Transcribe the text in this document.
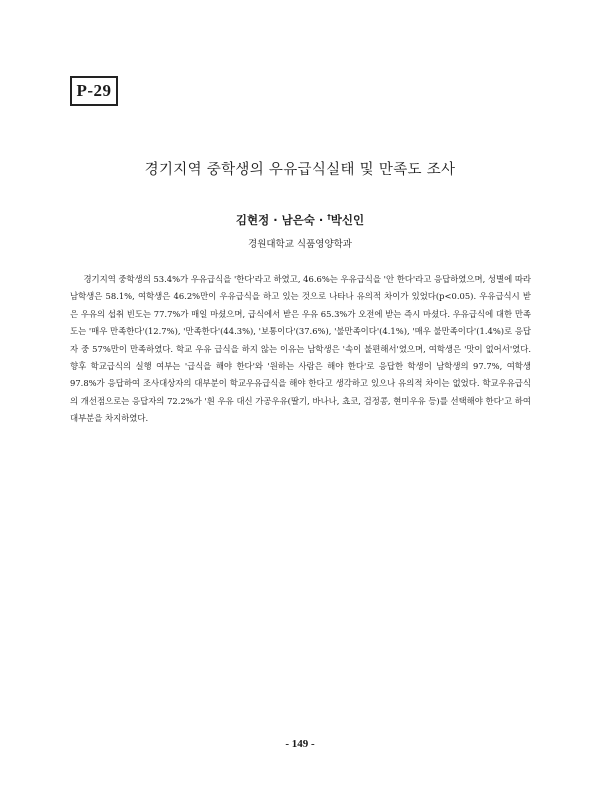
P-29
경기지역 중학생의 우유급식실태 및 만족도 조사
김현정 · 남은숙 · †박신인
경원대학교 식품영양학과

경기지역 중학생의 53.4%가 우유급식을 '한다'라고 하였고, 46.6%는 우유급식을 '안 한다'라고 응답하였으며, 성별에 따라 남학생은 58.1%, 여학생은 46.2%만이 우유급식을 하고 있는 것으로 나타나 유의적 차이가 있었다(p<0.05). 우유급식시 받은 우유의 섭취 빈도는 77.7%가 매일 마셨으며, 급식에서 받은 우유 65.3%가 오전에 받는 즉시 마셨다. 우유급식에 대한 만족도는 '매우 만족한다'(12.7%), '만족한다'(44.3%), '보통이다'(37.6%), '불만족이다'(4.1%), '매우 불만족이다'(1.4%)로 응답자 중 57%만이 만족하였다. 학교 우유 급식을 하지 않는 이유는 남학생은 '속이 불편해서'였으며, 여학생은 '맛이 없어서'였다. 향후 학교급식의 실행 여부는 '급식을 해야 한다'와 '원하는 사람은 해야 한다'로 응답한 학생이 남학생의 97.7%, 여학생 97.8%가 응답하여 조사대상자의 대부분이 학교우유급식을 해야 한다고 생각하고 있으나 유의적 차이는 없었다. 학교우유급식의 개선점으로는 응답자의 72.2%가 '흰 우유 대신 가공우유(딸기, 바나나, 쵸코, 검정콩, 현미우유 등)를 선택해야 한다'고 하여 대부분을 차지하였다.

- 149 -
